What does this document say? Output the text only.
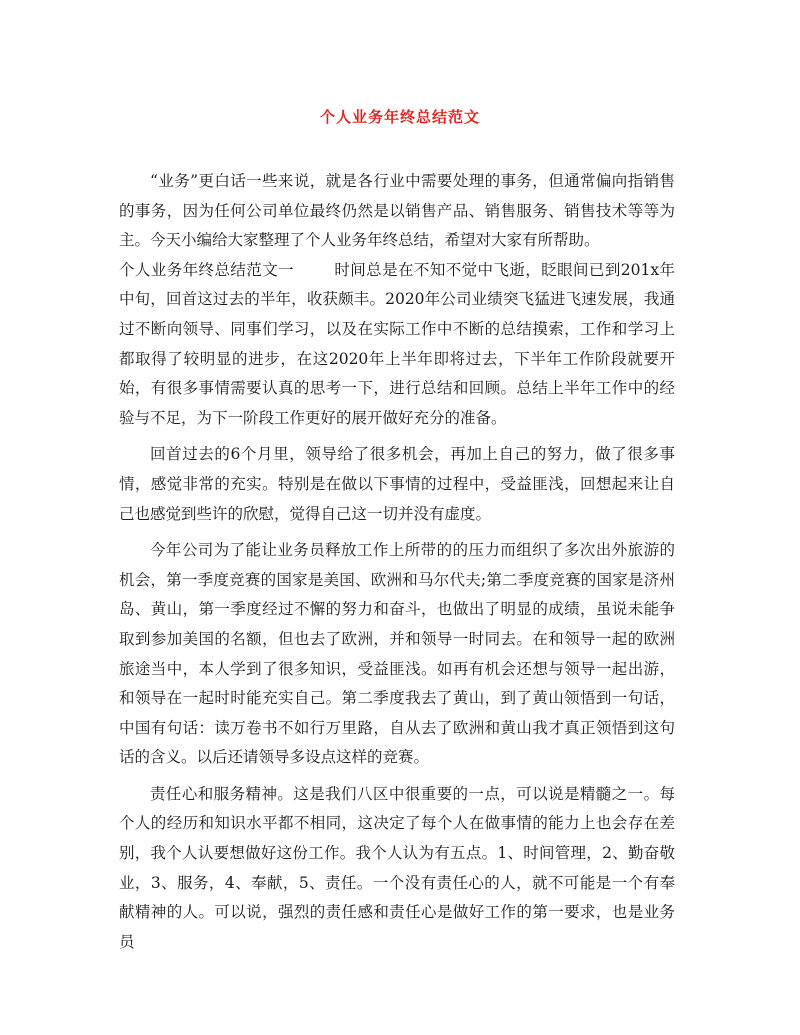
个人业务年终总结范文

“业务”更白话一些来说，就是各行业中需要处理的事务，但通常偏向指销售的事务，因为任何公司单位最终仍然是以销售产品、销售服务、销售技术等等为主。今天小编给大家整理了个人业务年终总结，希望对大家有所帮助。

个人业务年终总结范文一	时间总是在不知不觉中飞逝，眨眼间已到201x年中旬，回首这过去的半年，收获颇丰。2020年公司业绩突飞猛进飞速发展，我通过不断向领导、同事们学习，以及在实际工作中不断的总结摸索，工作和学习上都取得了较明显的进步，在这2020年上半年即将过去，下半年工作阶段就要开始，有很多事情需要认真的思考一下，进行总结和回顾。总结上半年工作中的经验与不足，为下一阶段工作更好的展开做好充分的准备。

回首过去的6个月里，领导给了很多机会，再加上自己的努力，做了很多事情，感觉非常的充实。特别是在做以下事情的过程中，受益匪浅，回想起来让自己也感觉到些许的欣慰，觉得自己这一切并没有虚度。

今年公司为了能让业务员释放工作上所带的的压力而组织了多次出外旅游的机会，第一季度竞赛的国家是美国、欧洲和马尔代夫;第二季度竞赛的国家是济州岛、黄山，第一季度经过不懈的努力和奋斗，也做出了明显的成绩，虽说未能争取到参加美国的名额，但也去了欧洲，并和领导一时同去。在和领导一起的欧洲旅途当中，本人学到了很多知识，受益匪浅。如再有机会还想与领导一起出游，和领导在一起时时能充实自己。第二季度我去了黄山，到了黄山领悟到一句话，中国有句话：读万卷书不如行万里路，自从去了欧洲和黄山我才真正领悟到这句话的含义。以后还请领导多设点这样的竞赛。

责任心和服务精神。这是我们八区中很重要的一点，可以说是精髓之一。每个人的经历和知识水平都不相同，这决定了每个人在做事情的能力上也会存在差别，我个人认要想做好这份工作。我个人认为有五点。1、时间管理，2、勤奋敬业，3、服务，4、奉献，5、责任。一个没有责任心的人，就不可能是一个有奉献精神的人。可以说，强烈的责任感和责任心是做好工作的第一要求，也是业务员
